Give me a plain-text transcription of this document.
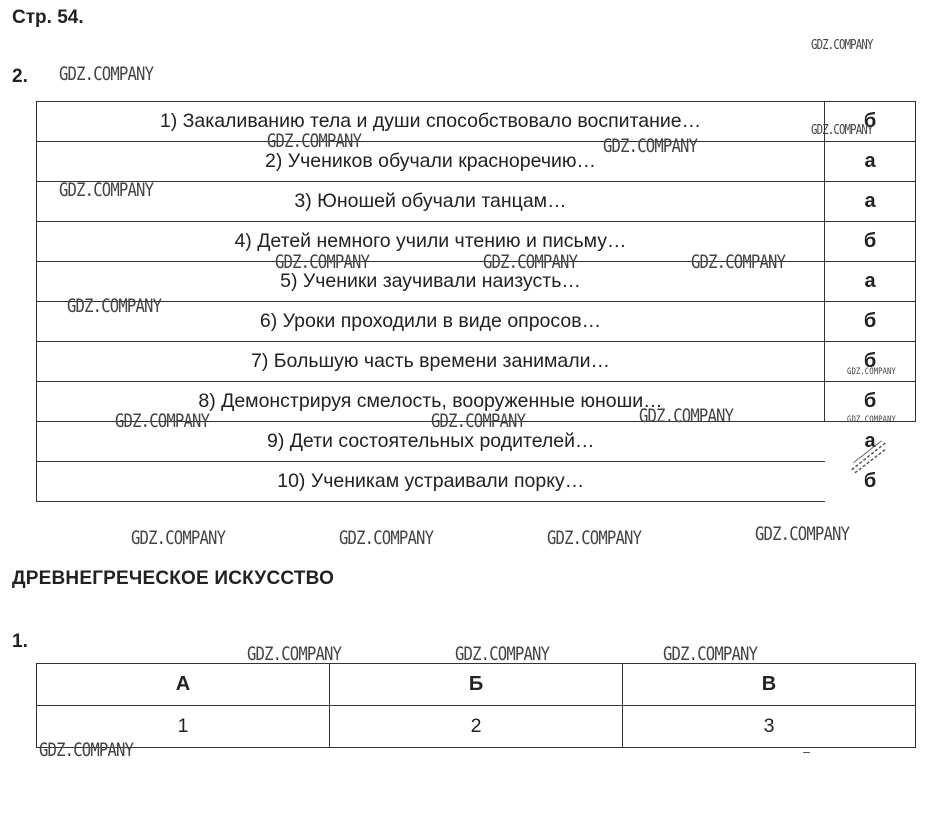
Стр. 54.
2.
1) Закаливанию тела и души способствовало воспитание…	б
2) Учеников обучали красноречию…	а
3) Юношей обучали танцам…	а
4) Детей немного учили чтению и письму…	б
5) Ученики заучивали наизусть…	а
6) Уроки проходили в виде опросов…	б
7) Большую часть времени занимали…	б
8) Демонстрируя смелость, вооруженные юноши…	б
9) Дети состоятельных родителей…	а
10) Ученикам устраивали порку…	б
ДРЕВНЕГРЕЧЕСКОЕ ИСКУССТВО
1.
А	Б	В
1	2	3
GDZ.COMPANY
GDZ.COMPANY
GDZ.COMPANY
GDZ.COMPANY	GDZ.COMPANY
GDZ.COMPANY
GDZ.COMPANY	GDZ.COMPANY	GDZ.COMPANY
GDZ.COMPANY
GDZ.COMPANY
GDZ.COMPANY
GDZ.COMPANY	GDZ.COMPANY	GDZ.COMPANY
GDZ.COMPANY	GDZ.COMPANY	GDZ.COMPANY	GDZ.COMPANY
GDZ.COMPANY	GDZ.COMPANY	GDZ.COMPANY
GDZ.COMPANY
